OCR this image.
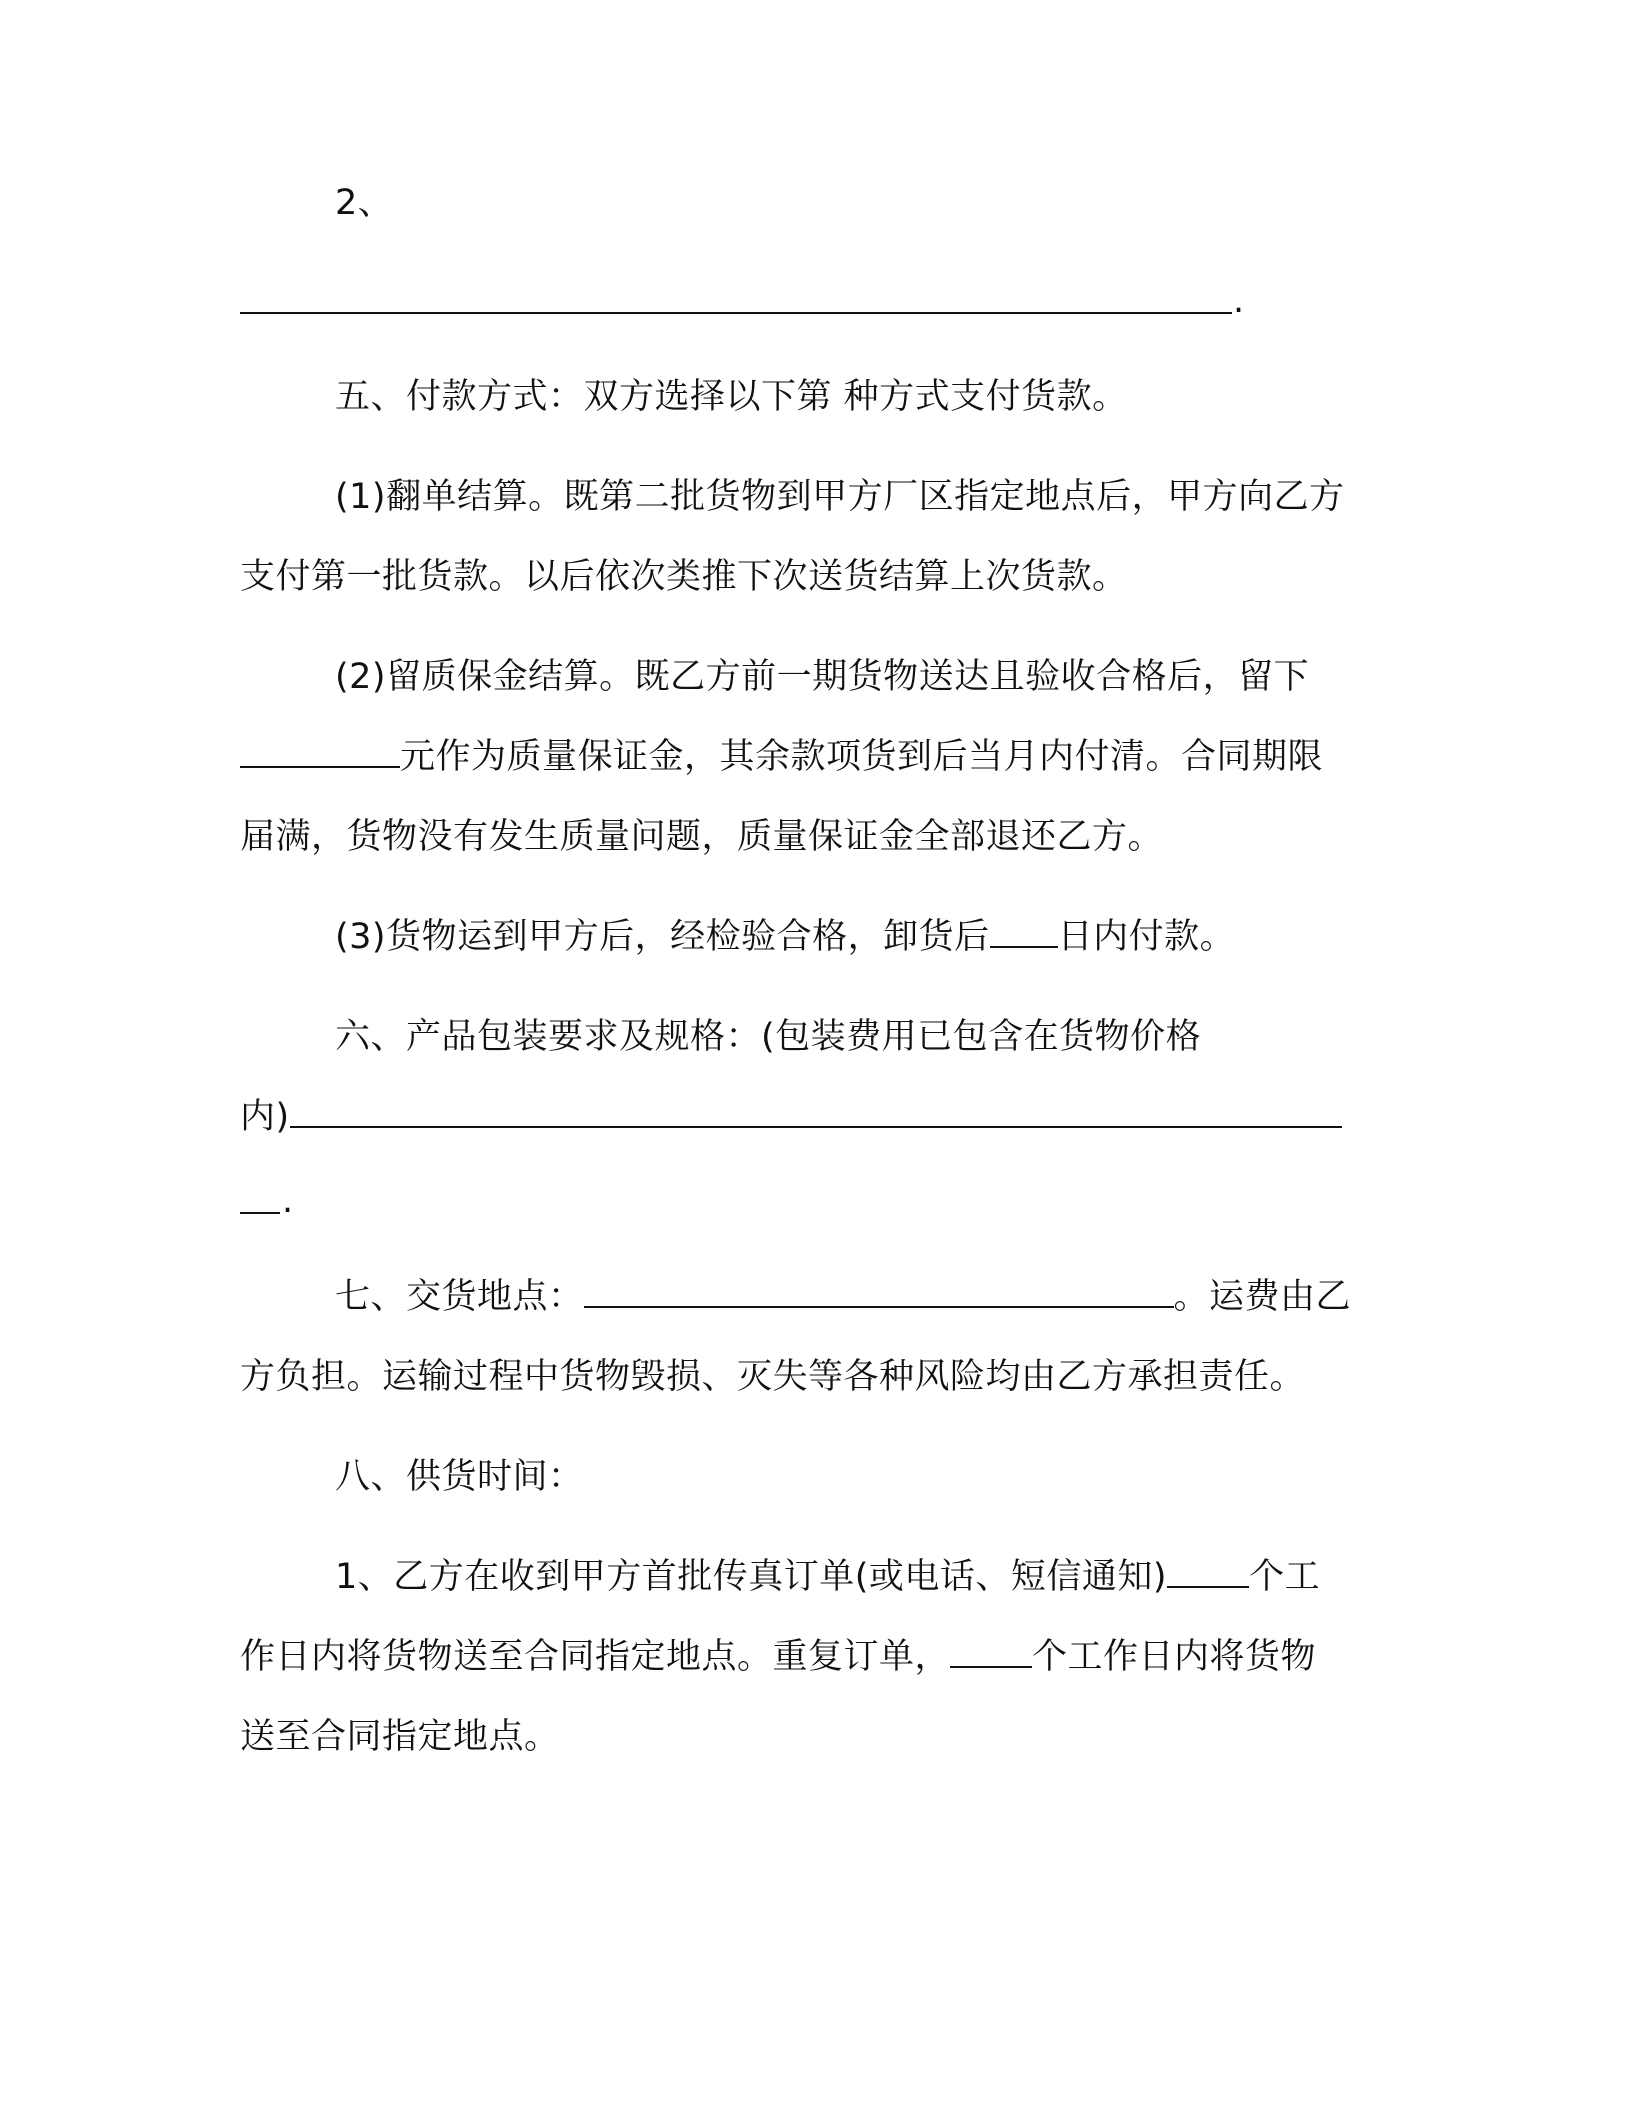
2、
.
五、付款方式：双方选择以下第 种方式支付货款。
(1)翻单结算。既第二批货物到甲方厂区指定地点后，甲方向乙方
支付第一批货款。以后依次类推下次送货结算上次货款。
(2)留质保金结算。既乙方前一期货物送达且验收合格后，留下
元作为质量保证金，其余款项货到后当月内付清。合同期限
届满，货物没有发生质量问题，质量保证金全部退还乙方。
(3)货物运到甲方后，经检验合格，卸货后 日内付款。
六、产品包装要求及规格：(包装费用已包含在货物价格
内)
.
七、交货地点：	。运费由乙
方负担。运输过程中货物毁损、灭失等各种风险均由乙方承担责任。
八、供货时间：
1、乙方在收到甲方首批传真订单(或电话、短信通知) 个工
作日内将货物送至合同指定地点。重复订单， 个工作日内将货物
送至合同指定地点。
